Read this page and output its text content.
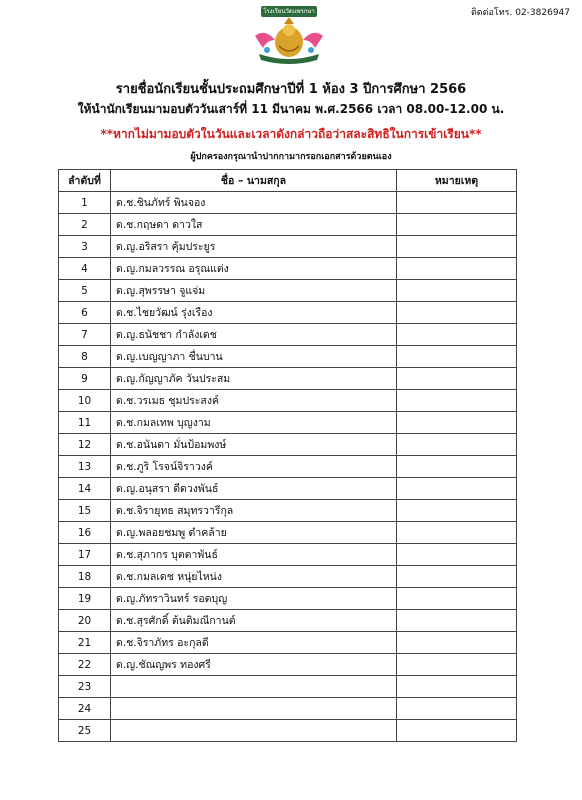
ติดต่อโทร. 02-3826947
โรงเรียนวัดแพรกษา
รายชื่อนักเรียนชั้นประถมศึกษาปีที่ 1 ห้อง 3 ปีการศึกษา 2566
ให้นำนักเรียนมามอบตัววันเสาร์ที่ 11 มีนาคม พ.ศ.2566 เวลา 08.00-12.00 น.
**หากไม่มามอบตัวในวันและเวลาดังกล่าวถือว่าสละสิทธิในการเข้าเรียน**
ผู้ปกครองกรุณานำปากกามากรอกเอกสารด้วยตนเอง
ลำดับที่	ชื่อ – นามสกุล	หมายเหตุ
1	ด.ช.ชินภัทร์ พินจอง	
2	ด.ช.กฤษดา ดาวใส	
3	ด.ญ.อริสรา คุ้มประยูร	
4	ด.ญ.กมลวรรณ อรุณแต่ง	
5	ด.ญ.สุพรรษา จูแจ่ม	
6	ด.ช.ไชยวัฒน์ รุ่งเรือง	
7	ด.ญ.ธนัชชา กำลังเดช	
8	ด.ญ.เบญญาภา ชื่นบาน	
9	ด.ญ.กัญญาภัค วันประสม	
10	ด.ช.วรเมธ ชุมประสงค์	
11	ด.ช.กมลเทพ บุญงาม	
12	ด.ช.อนันดา มั่นป้อมพงษ์	
13	ด.ช.ภูริ โรจน์จิราวงค์	
14	ด.ญ.อนุสรา ดีดวงพันธ์	
15	ด.ช.จิรายุทธ สมุทรวารีกุล	
16	ด.ญ.พลอยชมพู ดำคล้าย	
17	ด.ช.สุภากร บุตตาพันธ์	
18	ด.ช.กมลเดช หนุ่ยไหน่ง	
19	ด.ญ.ภัทราวินทร์ รอดบุญ	
20	ด.ช.สุรศักดิ์ ต้นติมณีกานต์	
21	ด.ช.จิราภัทร อะกุลดี	
22	ด.ญ.ชัณญพร ทองศรี	
23		
24		
25		
